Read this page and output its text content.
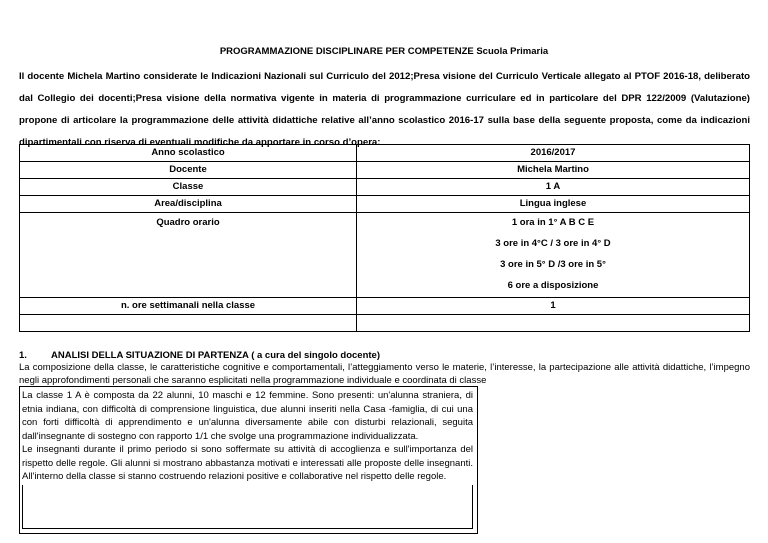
PROGRAMMAZIONE DISCIPLINARE PER COMPETENZE Scuola Primaria
Il docente Michela Martino considerate le Indicazioni Nazionali sul Curriculo del 2012;Presa visione del Curriculo Verticale allegato al PTOF 2016-18, deliberato dal Collegio dei docenti;Presa visione della normativa vigente in materia di programmazione curriculare ed in particolare del DPR 122/2009 (Valutazione) propone di articolare la programmazione delle attività didattiche relative all’anno scolastico 2016-17 sulla base della seguente proposta, come da indicazioni dipartimentali con riserva di eventuali modifiche da apportare in corso d’opera:
Anno scolastico	2016/2017

Docente	Michela Martino

Classe	1 A

Area/disciplina	Lingua inglese

Quadro orario	1 ora in 1° A B C E
3 ore in 4°C / 3 ore in 4° D
3 ore in 5° D /3 ore in 5°
6 ore a disposizione

n. ore settimanali nella classe	1

1.	ANALISI DELLA SITUAZIONE DI PARTENZA ( a cura del singolo docente)
La composizione della classe, le caratteristiche cognitive e comportamentali, l’atteggiamento verso le materie, l’interesse, la partecipazione alle attività didattiche, l’impegno negli approfondimenti personali che saranno esplicitati nella programmazione individuale e coordinata di classe
La classe 1 A è composta da 22 alunni, 10 maschi e 12 femmine. Sono presenti: un'alunna straniera, di etnia indiana, con difficoltà di comprensione linguistica, due alunni inseriti nella Casa -famiglia, di cui una con forti difficoltà di apprendimento e un'alunna diversamente abile con disturbi relazionali, seguita dall'insegnante di sostegno con rapporto 1/1 che svolge una programmazione individualizzata.
Le insegnanti durante il primo periodo si sono soffermate su attività di accoglienza e sull'importanza del rispetto delle regole. Gli alunni si mostrano abbastanza motivati e interessati alle proposte delle insegnanti. All'interno della classe si stanno costruendo relazioni positive e collaborative nel rispetto delle regole.
